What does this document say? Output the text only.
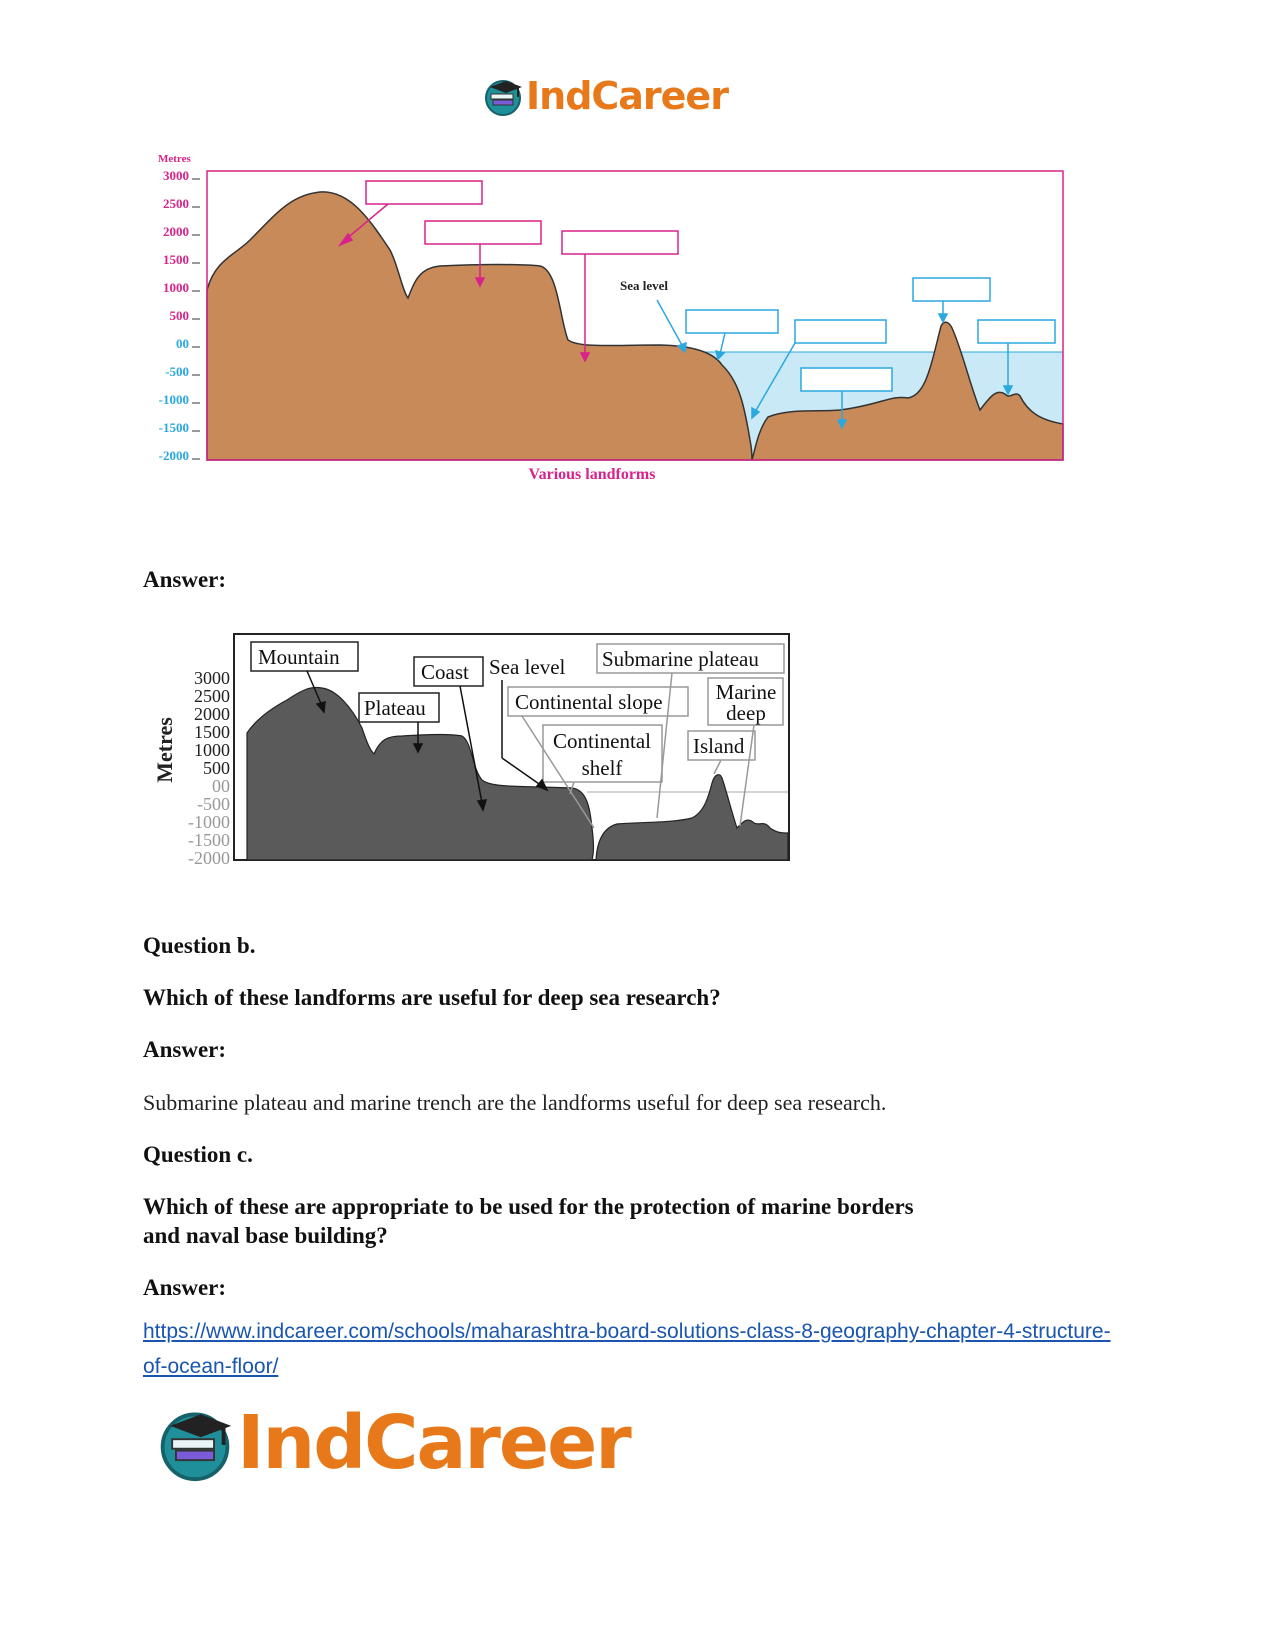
IndCareer
Metres
3000
2500
2000
1500
1000
500
00
-500
-1000
-1500
-2000
Sea level
Various landforms
Answer:
Metres
3000
2500
2000
1500
1000
500
00
-500
-1000
-1500
-2000
Mountain
Plateau
Coast Sea level Submarine plateau
Continental slope
Continental
shelf
Marine
deep
Island
Question b.
Which of these landforms are useful for deep sea research?
Answer:
Submarine plateau and marine trench are the landforms useful for deep sea research.
Question c.
Which of these are appropriate to be used for the protection of marine borders
and naval base building?
Answer:
https://www.indcareer.com/schools/maharashtra-board-solutions-class-8-geography-chapter-4-structure-of-ocean-floor/
IndCareer
